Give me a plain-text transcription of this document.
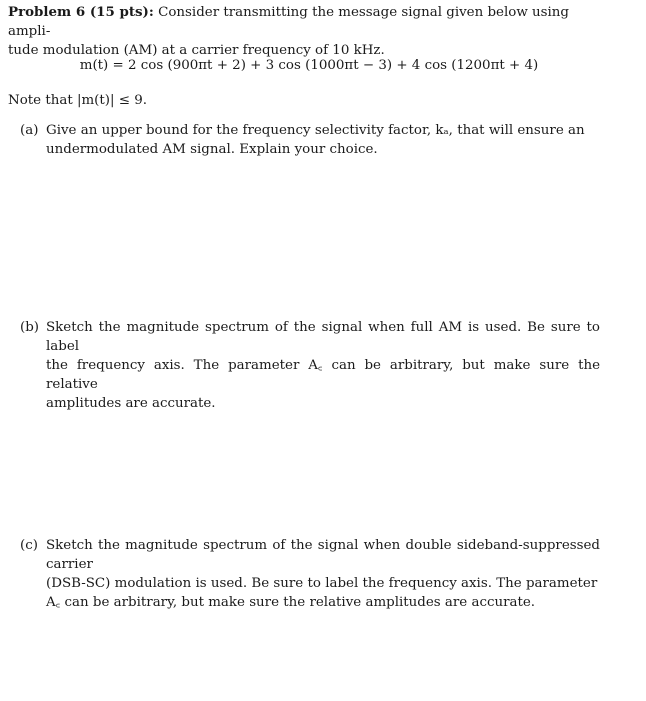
Problem 6 (15 pts): Consider transmitting the message signal given below using ampli-
tude modulation (AM) at a carrier frequency of 10 kHz.
m(t) = 2 cos (900πt + 2) + 3 cos (1000πt − 3) + 4 cos (1200πt + 4)
Note that |m(t)| ≤ 9.
(a) Give an upper bound for the frequency selectivity factor, kₐ, that will ensure an
undermodulated AM signal. Explain your choice.
(b) Sketch the magnitude spectrum of the signal when full AM is used. Be sure to label
the frequency axis. The parameter A꜀ can be arbitrary, but make sure the relative
amplitudes are accurate.
(c) Sketch the magnitude spectrum of the signal when double sideband-suppressed carrier
(DSB-SC) modulation is used. Be sure to label the frequency axis. The parameter
A꜀ can be arbitrary, but make sure the relative amplitudes are accurate.
